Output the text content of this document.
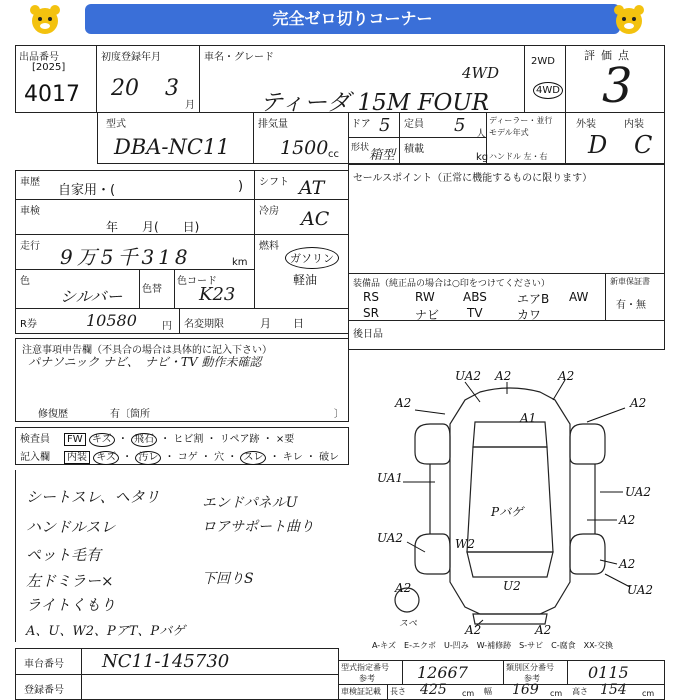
完全ゼロ切りコーナー
出品番号
[2025]
4017
初度登録年月
20 3
月
車名・グレード
4WD
ティーダ 15M FOUR
2WD
4WD
評価点
3
型式
DBA-NC11
排気量
1500 cc
ドア 5 定員 5 人
ディーラー・並行
モデル年式
ハンドル 左・右
形状 箱型 積載
kg
外装	内装
D C
車歴
自家用・(	)
車検
年　　月(　　日)
走行 9万5千318	km
色
シルバー 色替
色コード
K23
R券	10580	円 名変期限	月　　日
シフト AT
冷房 AC
燃料
ガソリン
軽油
セールスポイント（正常に機能するものに限ります）
装備品（純正品の場合は○印をつけてください）
RS	RW ABS	エアB AW
SR	ナビ TV	カワ
新車保証書
有・無
後日品
注意事項申告欄（不具合の場合は具体的に記入下さい）
パナソニック ナビ、　ナビ・TV 動作未確認
修復歴	有〔箇所	〕
検査員
記入欄
FW キズ ・ 飛石 ・ ヒビ割 ・ リペア跡 ・ ×要
内装 キズ ・ 汚レ ・ コゲ ・ 穴 ・ スレ ・ キレ ・ 破レ
シートスレ、ヘタリ
ハンドルスレ
ペット毛有
左ドミラー×
ライトくもり
A、U、W2、PアT、Pバゲ
エンドパネルU
ロアサポート曲り
下回りS
A2
UA2 A2	A2
A2
A1
UA1
UA2
A2
Pバゲ
W2
UA2
A2
UA2
U2
A2
A2	A2
スペ
A-キズ　E-エクボ　U-凹み　W-補修跡　S-サビ　C-腐食　XX-交換
車台番号 NC11-145730	型式指定番号
参考	12667	類別区分番号
参考	0115
登録番号	車検証記載 長さ 425 cm 幅 169 cm 高さ 154 cm
